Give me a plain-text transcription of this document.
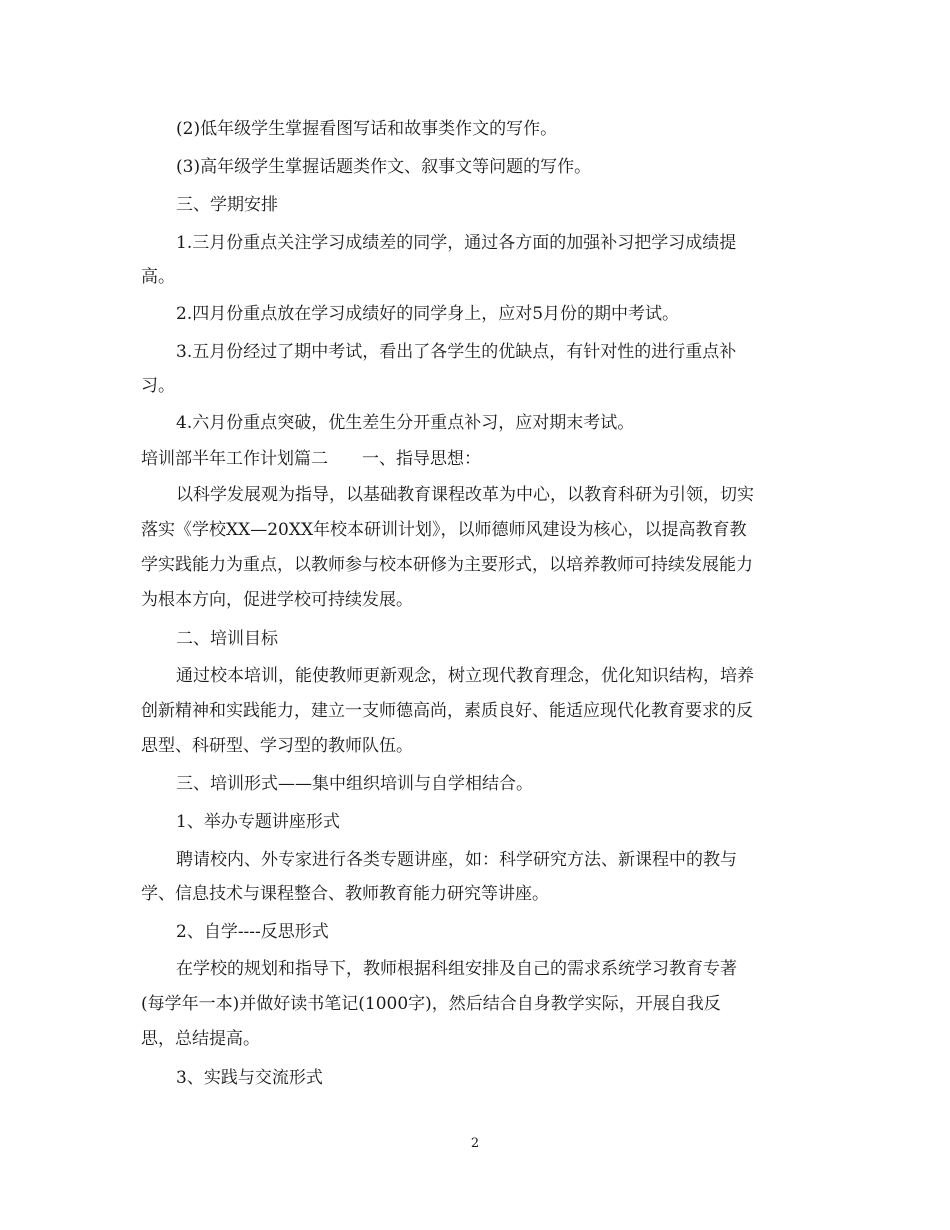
(2)低年级学生掌握看图写话和故事类作文的写作。
(3)高年级学生掌握话题类作文、叙事文等问题的写作。
三、学期安排
1.三月份重点关注学习成绩差的同学，通过各方面的加强补习把学习成绩提
高。
2.四月份重点放在学习成绩好的同学身上，应对5月份的期中考试。
3.五月份经过了期中考试，看出了各学生的优缺点，有针对性的进行重点补
习。
4.六月份重点突破，优生差生分开重点补习，应对期末考试。
培训部半年工作计划篇二　　一、指导思想：
以科学发展观为指导，以基础教育课程改革为中心，以教育科研为引领，切实
落实《学校XX—20XX年校本研训计划》，以师德师风建设为核心，以提高教育教
学实践能力为重点，以教师参与校本研修为主要形式，以培养教师可持续发展能力
为根本方向，促进学校可持续发展。
二、培训目标
通过校本培训，能使教师更新观念，树立现代教育理念，优化知识结构，培养
创新精神和实践能力，建立一支师德高尚，素质良好、能适应现代化教育要求的反
思型、科研型、学习型的教师队伍。
三、培训形式——集中组织培训与自学相结合。
1、举办专题讲座形式
聘请校内、外专家进行各类专题讲座，如：科学研究方法、新课程中的教与
学、信息技术与课程整合、教师教育能力研究等讲座。
2、自学----反思形式
在学校的规划和指导下，教师根据科组安排及自己的需求系统学习教育专著
(每学年一本)并做好读书笔记(1000字)，然后结合自身教学实际，开展自我反
思，总结提高。
3、实践与交流形式
2
